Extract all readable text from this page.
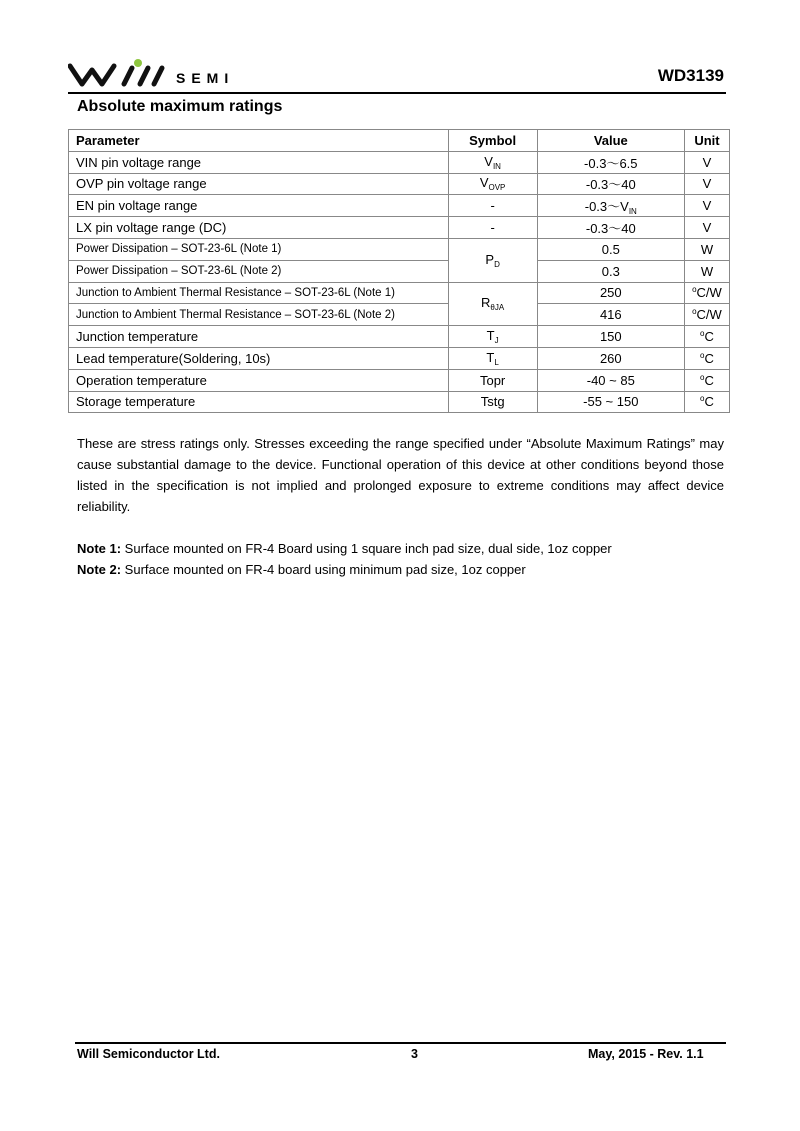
SEMI	WD3139
Absolute maximum ratings
Parameter	Symbol	Value	Unit
VIN pin voltage range	$V_{IN}$	-0.3～6.5	V
OVP pin voltage range	$V_{OVP}$	-0.3～40	V
EN pin voltage range	-	$-0.3\sim V_{IN}$	V
LX pin voltage range (DC)	-	-0.3～40	V
Power Dissipation – SOT-23-6L (Note 1)	$P_D$	0.5	W
Power Dissipation – SOT-23-6L (Note 2)		0.3	W
Junction to Ambient Thermal Resistance – SOT-23-6L (Note 1)	$R_{\theta JA}$	250	$^o$C/W
Junction to Ambient Thermal Resistance – SOT-23-6L (Note 2)		416	$^o$C/W
Junction temperature	$T_J$	150	$^o$C
Lead temperature(Soldering, 10s)	$T_L$	260	$^o$C
Operation temperature	Topr	-40 ~ 85	$^o$C
Storage temperature	Tstg	-55 ~ 150	$^o$C
These are stress ratings only. Stresses exceeding the range specified under “Absolute Maximum Ratings” may cause substantial damage to the device. Functional operation of this device at other conditions beyond those listed in the specification is not implied and prolonged exposure to extreme conditions may affect device reliability.
Note 1: Surface mounted on FR-4 Board using 1 square inch pad size, dual side, 1oz copper
Note 2: Surface mounted on FR-4 board using minimum pad size, 1oz copper
Will Semiconductor Ltd.	3	May, 2015 - Rev. 1.1
